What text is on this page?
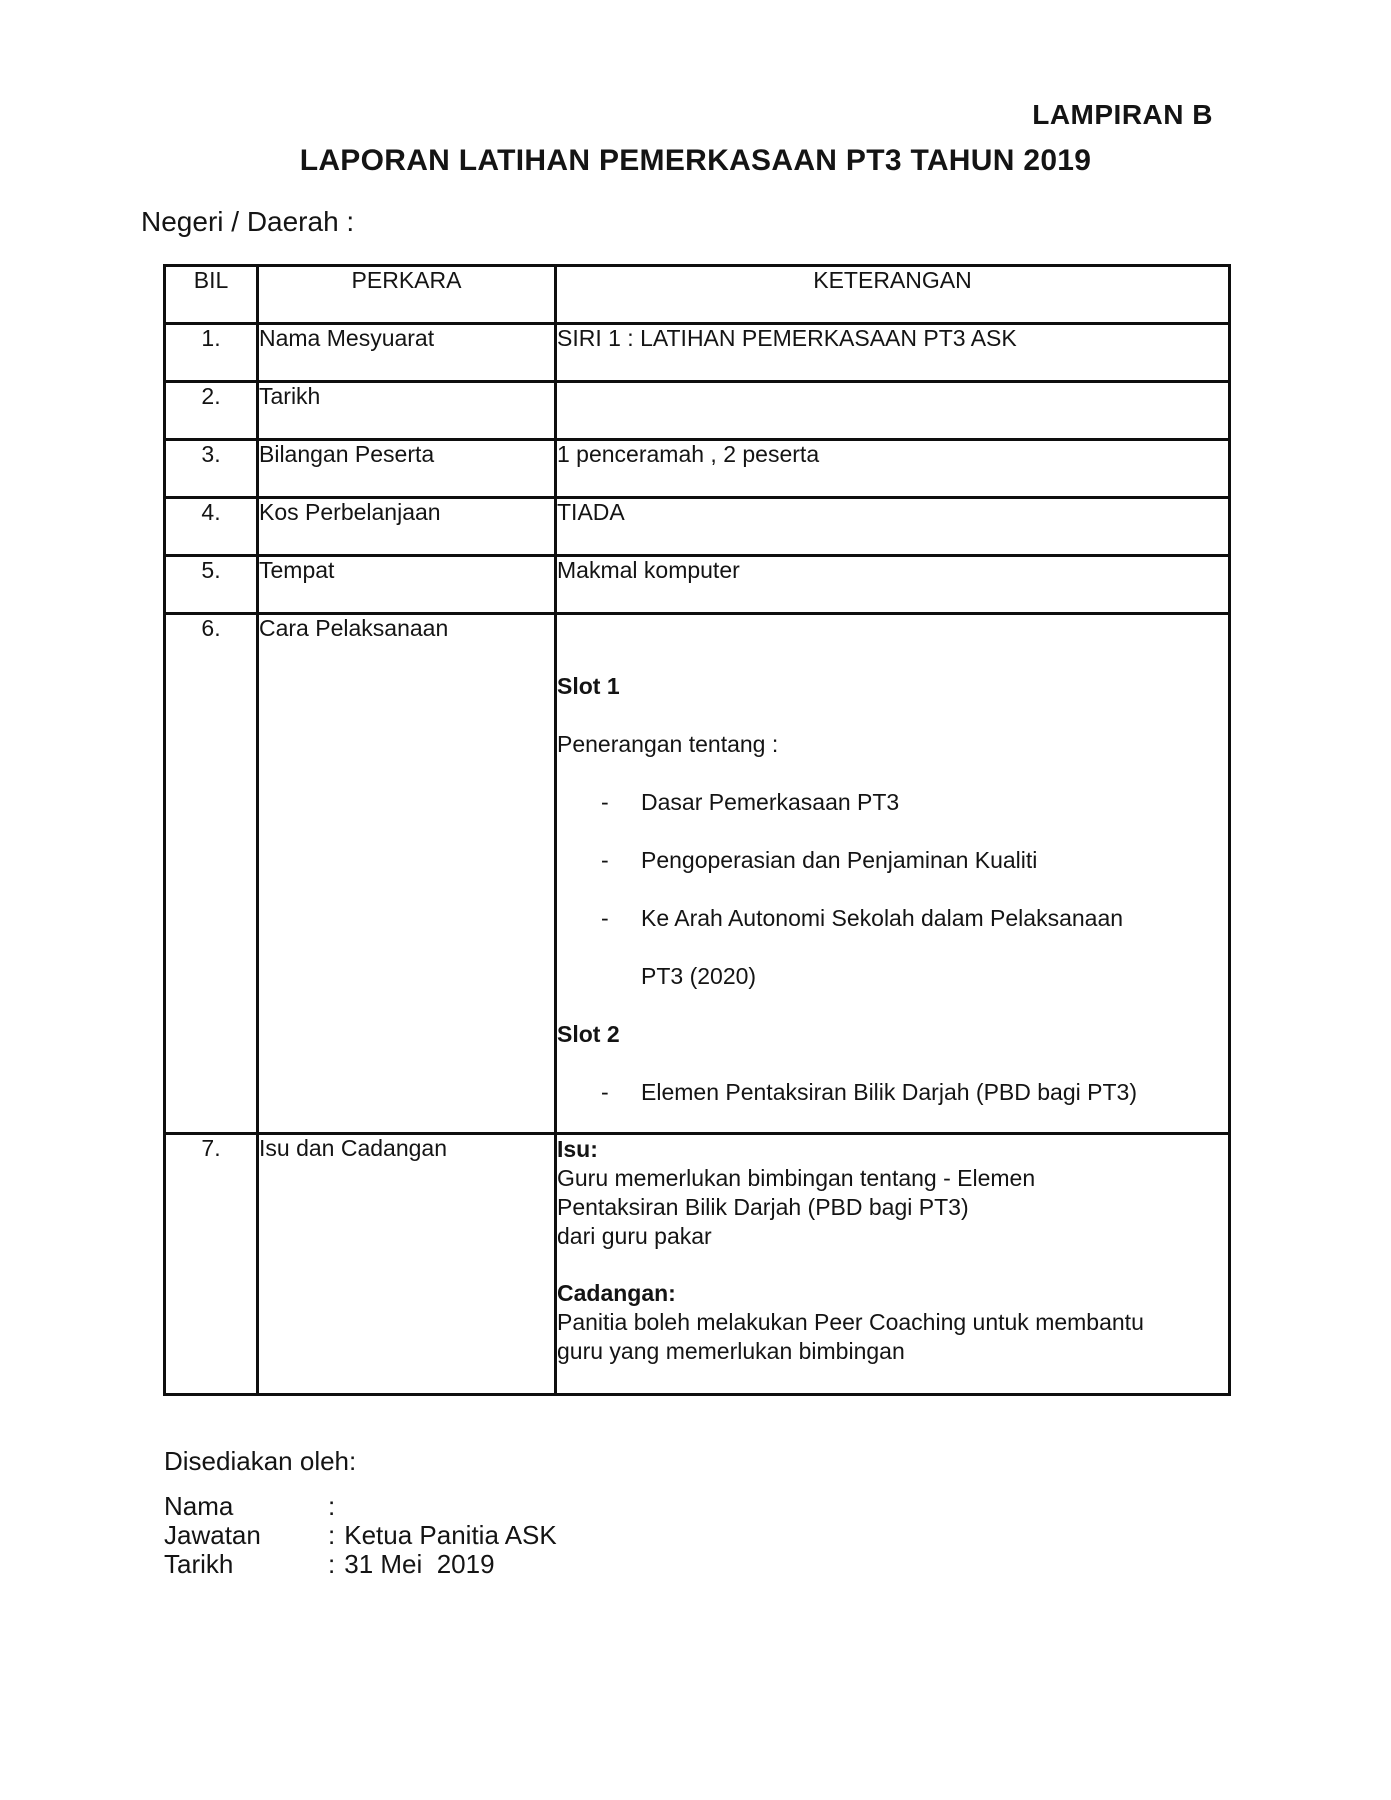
LAMPIRAN B
LAPORAN LATIHAN PEMERKASAAN PT3 TAHUN 2019
Negeri / Daerah :
BIL	PERKARA	KETERANGAN
1.	Nama Mesyuarat	SIRI 1 : LATIHAN PEMERKASAAN PT3 ASK
2.	Tarikh	
3.	Bilangan Peserta	1 penceramah , 2 peserta
4.	Kos Perbelanjaan	TIADA
5.	Tempat	Makmal komputer
6.	Cara Pelaksanaan	
Slot 1
Penerangan tentang :
- Dasar Pemerkasaan PT3
- Pengoperasian dan Penjaminan Kualiti
- Ke Arah Autonomi Sekolah dalam Pelaksanaan
PT3 (2020)
Slot 2
- Elemen Pentaksiran Bilik Darjah (PBD bagi PT3)

7.	Isu dan Cadangan	Isu:
Guru memerlukan bimbingan tentang - Elemen
Pentaksiran Bilik Darjah (PBD bagi PT3)
dari guru pakar
Cadangan:
Panitia boleh melakukan Peer Coaching untuk membantu
guru yang memerlukan bimbingan
Disediakan oleh:
Nama	:
Jawatan	: Ketua Panitia ASK
Tarikh	: 31 Mei  2019
